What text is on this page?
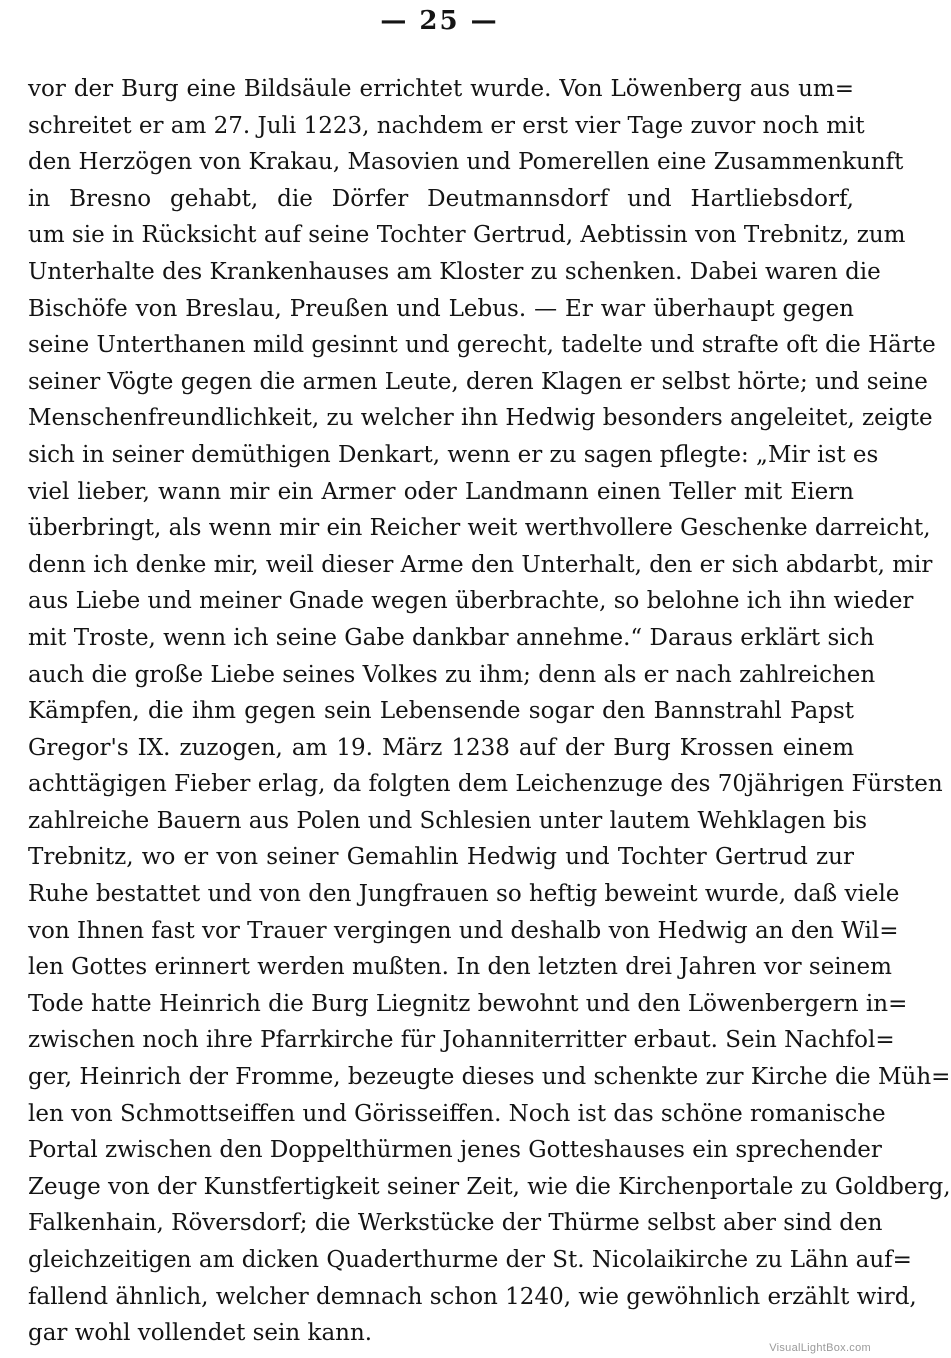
— 25 —
vor der Burg eine Bildsäule errichtet wurde. Von Löwenberg aus um=
schreitet er am 27. Juli 1223, nachdem er erst vier Tage zuvor noch mit
den Herzögen von Krakau, Masovien und Pomerellen eine Zusammenkunft
in Bresno gehabt, die Dörfer Deutmannsdorf und Hartliebsdorf,
um sie in Rücksicht auf seine Tochter Gertrud, Aebtissin von Trebnitz, zum
Unterhalte des Krankenhauses am Kloster zu schenken. Dabei waren die
Bischöfe von Breslau, Preußen und Lebus. — Er war überhaupt gegen
seine Unterthanen mild gesinnt und gerecht, tadelte und strafte oft die Härte
seiner Vögte gegen die armen Leute, deren Klagen er selbst hörte; und seine
Menschenfreundlichkeit, zu welcher ihn Hedwig besonders angeleitet, zeigte
sich in seiner demüthigen Denkart, wenn er zu sagen pflegte: „Mir ist es
viel lieber, wann mir ein Armer oder Landmann einen Teller mit Eiern
überbringt, als wenn mir ein Reicher weit werthvollere Geschenke darreicht,
denn ich denke mir, weil dieser Arme den Unterhalt, den er sich abdarbt, mir
aus Liebe und meiner Gnade wegen überbrachte, so belohne ich ihn wieder
mit Troste, wenn ich seine Gabe dankbar annehme.“ Daraus erklärt sich
auch die große Liebe seines Volkes zu ihm; denn als er nach zahlreichen
Kämpfen, die ihm gegen sein Lebensende sogar den Bannstrahl Papst
Gregor's IX. zuzogen, am 19. März 1238 auf der Burg Krossen einem
achttägigen Fieber erlag, da folgten dem Leichenzuge des 70jährigen Fürsten
zahlreiche Bauern aus Polen und Schlesien unter lautem Wehklagen bis
Trebnitz, wo er von seiner Gemahlin Hedwig und Tochter Gertrud zur
Ruhe bestattet und von den Jungfrauen so heftig beweint wurde, daß viele
von Ihnen fast vor Trauer vergingen und deshalb von Hedwig an den Wil=
len Gottes erinnert werden mußten. In den letzten drei Jahren vor seinem
Tode hatte Heinrich die Burg Liegnitz bewohnt und den Löwenbergern in=
zwischen noch ihre Pfarrkirche für Johanniterritter erbaut. Sein Nachfol=
ger, Heinrich der Fromme, bezeugte dieses und schenkte zur Kirche die Müh=
len von Schmottseiffen und Görisseiffen. Noch ist das schöne romanische
Portal zwischen den Doppelthürmen jenes Gotteshauses ein sprechender
Zeuge von der Kunstfertigkeit seiner Zeit, wie die Kirchenportale zu Goldberg,
Falkenhain, Röversdorf; die Werkstücke der Thürme selbst aber sind den
gleichzeitigen am dicken Quaderthurme der St. Nicolaikirche zu Lähn auf=
fallend ähnlich, welcher demnach schon 1240, wie gewöhnlich erzählt wird,
gar wohl vollendet sein kann.
VisualLightBox.com
